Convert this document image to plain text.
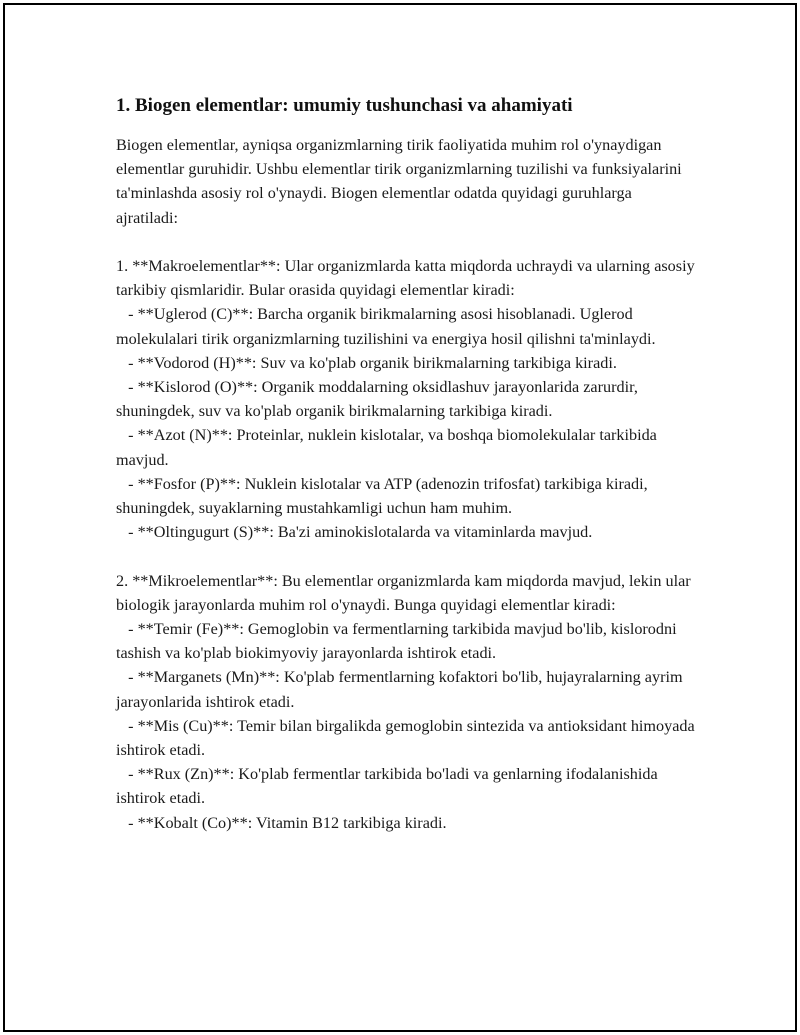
1. Biogen elementlar: umumiy tushunchasi va ahamiyati

Biogen elementlar, ayniqsa organizmlarning tirik faoliyatida muhim rol o'ynaydigan elementlar guruhidir. Ushbu elementlar tirik organizmlarning tuzilishi va funksiyalarini ta'minlashda asosiy rol o'ynaydi. Biogen elementlar odatda quyidagi guruhlarga ajratiladi:

1. **Makroelementlar**: Ular organizmlarda katta miqdorda uchraydi va ularning asosiy tarkibiy qismlaridir. Bular orasida quyidagi elementlar kiradi:
- **Uglerod (C)**: Barcha organik birikmalarning asosi hisoblanadi. Uglerod molekulalari tirik organizmlarning tuzilishini va energiya hosil qilishni ta'minlaydi.
- **Vodorod (H)**: Suv va ko'plab organik birikmalarning tarkibiga kiradi.
- **Kislorod (O)**: Organik moddalarning oksidlashuv jarayonlarida zarurdir, shuningdek, suv va ko'plab organik birikmalarning tarkibiga kiradi.
- **Azot (N)**: Proteinlar, nuklein kislotalar, va boshqa biomolekulalar tarkibida mavjud.
- **Fosfor (P)**: Nuklein kislotalar va ATP (adenozin trifosfat) tarkibiga kiradi, shuningdek, suyaklarning mustahkamligi uchun ham muhim.
- **Oltingugurt (S)**: Ba'zi aminokislotalarda va vitaminlarda mavjud.

2. **Mikroelementlar**: Bu elementlar organizmlarda kam miqdorda mavjud, lekin ular biologik jarayonlarda muhim rol o'ynaydi. Bunga quyidagi elementlar kiradi:
- **Temir (Fe)**: Gemoglobin va fermentlarning tarkibida mavjud bo'lib, kislorodni tashish va ko'plab biokimyoviy jarayonlarda ishtirok etadi.
- **Marganets (Mn)**: Ko'plab fermentlarning kofaktori bo'lib, hujayralarning ayrim jarayonlarida ishtirok etadi.
- **Mis (Cu)**: Temir bilan birgalikda gemoglobin sintezida va antioksidant himoyada ishtirok etadi.
- **Rux (Zn)**: Ko'plab fermentlar tarkibida bo'ladi va genlarning ifodalanishida ishtirok etadi.
- **Kobalt (Co)**: Vitamin B12 tarkibiga kiradi.
